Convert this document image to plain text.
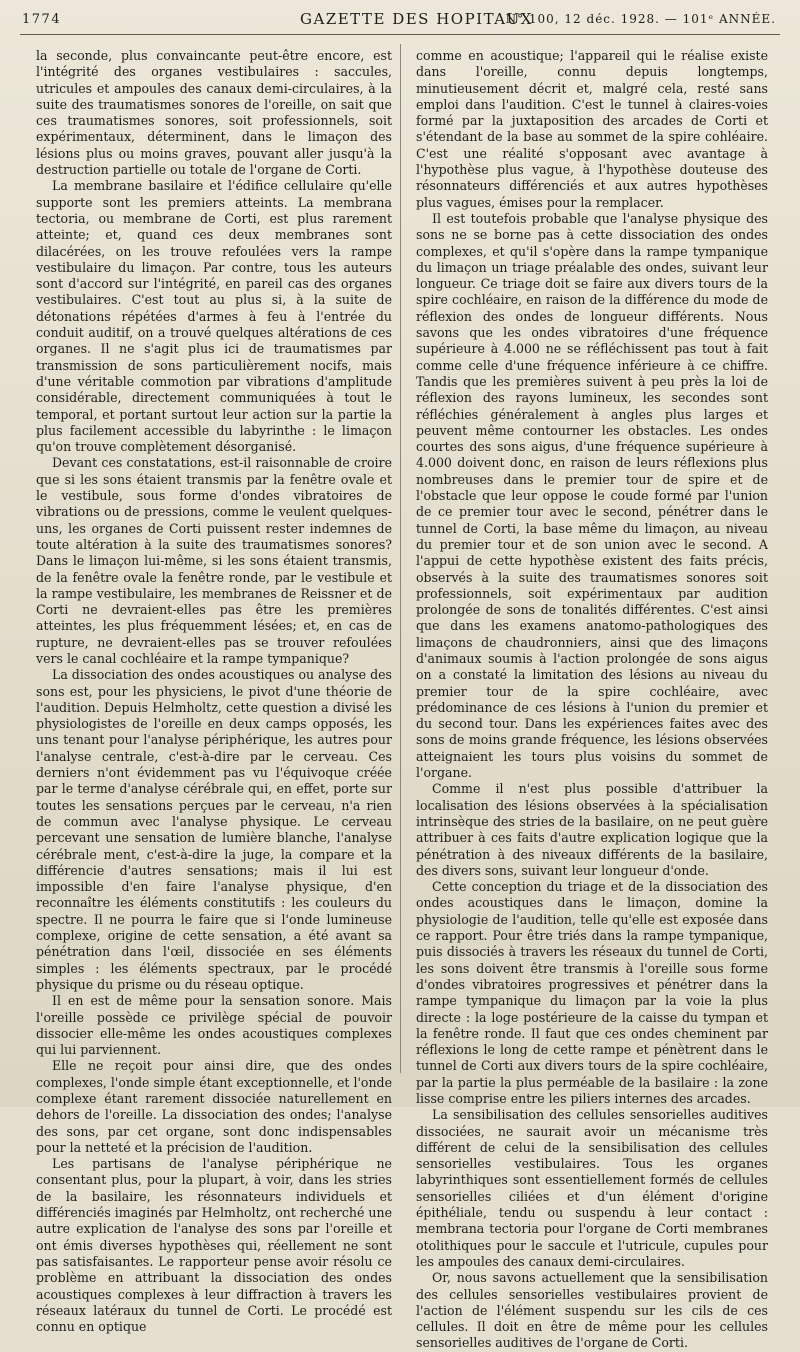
1774	GAZETTE DES HOPITAUX
N° 100, 12 déc. 1928. — 101ᵉ ANNÉE.

la seconde, plus convaincante peut-être encore, est l'intégrité des organes vestibulaires : saccules, utricules et ampoules des canaux demi-circulaires, à la suite des traumatismes sonores de l'oreille, on sait que ces traumatismes sonores, soit professionnels, soit expérimentaux, déterminent, dans le limaçon des lésions plus ou moins graves, pouvant aller jusqu'à la destruction partielle ou totale de l'organe de Corti.

La membrane basilaire et l'édifice cellulaire qu'elle supporte sont les premiers atteints. La membrana tectoria, ou membrane de Corti, est plus rarement atteinte; et, quand ces deux membranes sont dilacérées, on les trouve refoulées vers la rampe vestibulaire du limaçon. Par contre, tous les auteurs sont d'accord sur l'intégrité, en pareil cas des organes vestibulaires. C'est tout au plus si, à la suite de détonations répétées d'armes à feu à l'entrée du conduit auditif, on a trouvé quelques altérations de ces organes. Il ne s'agit plus ici de traumatismes par transmission de sons particulièrement nocifs, mais d'une véritable commotion par vibrations d'amplitude considérable, directement communiquées à tout le temporal, et portant surtout leur action sur la partie la plus facilement accessible du labyrinthe : le limaçon qu'on trouve complètement désorganisé.

Devant ces constatations, est-il raisonnable de croire que si les sons étaient transmis par la fenêtre ovale et le vestibule, sous forme d'ondes vibratoires de vibrations ou de pressions, comme le veulent quelques-uns, les organes de Corti puissent rester indemnes de toute altération à la suite des traumatismes sonores? Dans le limaçon lui-même, si les sons étaient transmis, de la fenêtre ovale la fenêtre ronde, par le vestibule et la rampe vestibulaire, les membranes de Reissner et de Corti ne devraient-elles pas être les premières atteintes, les plus fréquemment lésées; et, en cas de rupture, ne devraient-elles pas se trouver refoulées vers le canal cochléaire et la rampe tympanique?

La dissociation des ondes acoustiques ou analyse des sons est, pour les physiciens, le pivot d'une théorie de l'audition. Depuis Helmholtz, cette question a divisé les physiologistes de l'oreille en deux camps opposés, les uns tenant pour l'analyse périphérique, les autres pour l'analyse centrale, c'est-à-dire par le cerveau. Ces derniers n'ont évidemment pas vu l'équivoque créée par le terme d'analyse cérébrale qui, en effet, porte sur toutes les sensations perçues par le cerveau, n'a rien de commun avec l'analyse physique. Le cerveau percevant une sensation de lumière blanche, l'analyse cérébrale ment, c'est-à-dire la juge, la compare et la différencie d'autres sensations; mais il lui est impossible d'en faire l'analyse physique, d'en reconnaître les éléments constitutifs : les couleurs du spectre. Il ne pourra le faire que si l'onde lumineuse complexe, origine de cette sensation, a été avant sa pénétration dans l'œil, dissociée en ses éléments simples : les éléments spectraux, par le procédé physique du prisme ou du réseau optique.

Il en est de même pour la sensation sonore. Mais l'oreille possède ce privilège spécial de pouvoir dissocier elle-même les ondes acoustiques complexes qui lui parviennent.

Elle ne reçoit pour ainsi dire, que des ondes complexes, l'onde simple étant exceptionnelle, et l'onde complexe étant rarement dissociée naturellement en dehors de l'oreille. La dissociation des ondes; l'analyse des sons, par cet organe, sont donc indispensables pour la netteté et la précision de l'audition.

Les partisans de l'analyse périphérique ne consentant plus, pour la plupart, à voir, dans les stries de la basilaire, les résonnateurs individuels et différenciés imaginés par Helmholtz, ont recherché une autre explication de l'analyse des sons par l'oreille et ont émis diverses hypothèses qui, réellement ne sont pas satisfaisantes. Le rapporteur pense avoir résolu ce problème en attribuant la dissociation des ondes acoustiques complexes à leur diffraction à travers les réseaux latéraux du tunnel de Corti. Le procédé est connu en optique

comme en acoustique; l'appareil qui le réalise existe dans l'oreille, connu depuis longtemps, minutieusement décrit et, malgré cela, resté sans emploi dans l'audition. C'est le tunnel à claires-voies formé par la juxtaposition des arcades de Corti et s'étendant de la base au sommet de la spire cohléaire. C'est une réalité s'opposant avec avantage à l'hypothèse plus vague, à l'hypothèse douteuse des résonnateurs différenciés et aux autres hypothèses plus vagues, émises pour la remplacer.

Il est toutefois probable que l'analyse physique des sons ne se borne pas à cette dissociation des ondes complexes, et qu'il s'opère dans la rampe tympanique du limaçon un triage préalable des ondes, suivant leur longueur. Ce triage doit se faire aux divers tours de la spire cochléaire, en raison de la différence du mode de réflexion des ondes de longueur différents. Nous savons que les ondes vibratoires d'une fréquence supérieure à 4.000 ne se réfléchissent pas tout à fait comme celle d'une fréquence inférieure à ce chiffre. Tandis que les premières suivent à peu près la loi de réflexion des rayons lumineux, les secondes sont réfléchies généralement à angles plus larges et peuvent même contourner les obstacles. Les ondes courtes des sons aigus, d'une fréquence supérieure à 4.000 doivent donc, en raison de leurs réflexions plus nombreuses dans le premier tour de spire et de l'obstacle que leur oppose le coude formé par l'union de ce premier tour avec le second, pénétrer dans le tunnel de Corti, la base même du limaçon, au niveau du premier tour et de son union avec le second. A l'appui de cette hypothèse existent des faits précis, observés à la suite des traumatismes sonores soit professionnels, soit expérimentaux par audition prolongée de sons de tonalités différentes. C'est ainsi que dans les examens anatomo-pathologiques des limaçons de chaudronniers, ainsi que des limaçons d'animaux soumis à l'action prolongée de sons aigus on a constaté la limitation des lésions au niveau du premier tour de la spire cochléaire, avec prédominance de ces lésions à l'union du premier et du second tour. Dans les expériences faites avec des sons de moins grande fréquence, les lésions observées atteignaient les tours plus voisins du sommet de l'organe.

Comme il n'est plus possible d'attribuer la localisation des lésions observées à la spécialisation intrinsèque des stries de la basilaire, on ne peut guère attribuer à ces faits d'autre explication logique que la pénétration à des niveaux différents de la basilaire, des divers sons, suivant leur longueur d'onde.

Cette conception du triage et de la dissociation des ondes acoustiques dans le limaçon, domine la physiologie de l'audition, telle qu'elle est exposée dans ce rapport. Pour être triés dans la rampe tympanique, puis dissociés à travers les réseaux du tunnel de Corti, les sons doivent être transmis à l'oreille sous forme d'ondes vibratoires progressives et pénétrer dans la rampe tympanique du limaçon par la voie la plus directe : la loge postérieure de la caisse du tympan et la fenêtre ronde. Il faut que ces ondes cheminent par réflexions le long de cette rampe et pénètrent dans le tunnel de Corti aux divers tours de la spire cochléaire, par la partie la plus perméable de la basilaire : la zone lisse comprise entre les piliers internes des arcades.

La sensibilisation des cellules sensorielles auditives dissociées, ne saurait avoir un mécanisme très différent de celui de la sensibilisation des cellules sensorielles vestibulaires. Tous les organes labyrinthiques sont essentiellement formés de cellules sensorielles ciliées et d'un élément d'origine épithéliale, tendu ou suspendu à leur contact : membrana tectoria pour l'organe de Corti membranes otolithiques pour le saccule et l'utricule, cupules pour les ampoules des canaux demi-circulaires.

Or, nous savons actuellement que la sensibilisation des cellules sensorielles vestibulaires provient de l'action de l'élément suspendu sur les cils de ces cellules. Il doit en être de même pour les cellules sensorielles auditives de l'organe de Corti.
